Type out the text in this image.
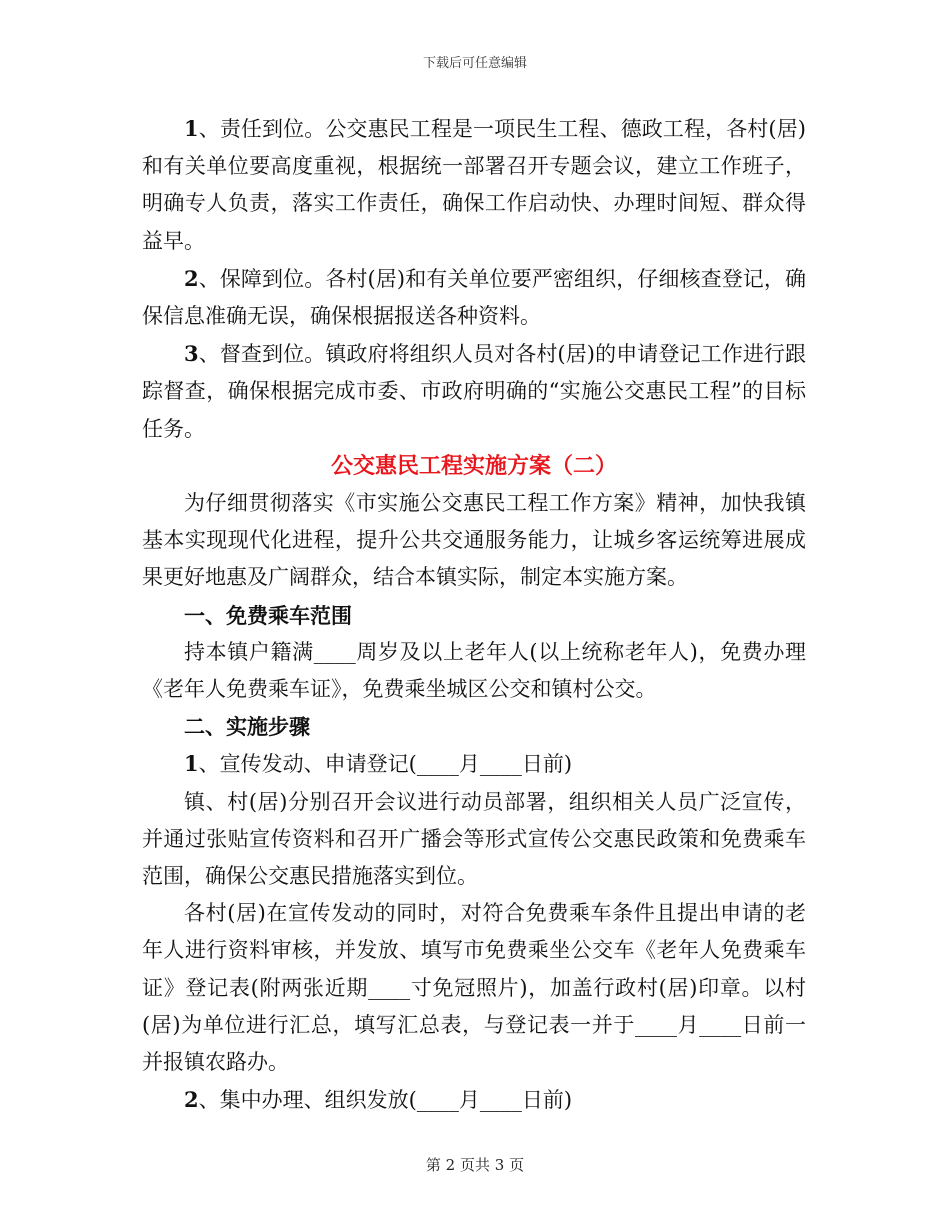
下载后可任意编辑

1、责任到位。公交惠民工程是一项民生工程、德政工程，各村(居)和有关单位要高度重视，根据统一部署召开专题会议，建立工作班子，明确专人负责，落实工作责任，确保工作启动快、办理时间短、群众得益早。

2、保障到位。各村(居)和有关单位要严密组织，仔细核查登记，确保信息准确无误，确保根据报送各种资料。

3、督查到位。镇政府将组织人员对各村(居)的申请登记工作进行跟踪督查，确保根据完成市委、市政府明确的“实施公交惠民工程”的目标任务。

公交惠民工程实施方案（二）

为仔细贯彻落实《市实施公交惠民工程工作方案》精神，加快我镇基本实现现代化进程，提升公共交通服务能力，让城乡客运统筹进展成果更好地惠及广阔群众，结合本镇实际，制定本实施方案。

一、免费乘车范围

持本镇户籍满____周岁及以上老年人(以上统称老年人)，免费办理《老年人免费乘车证》，免费乘坐城区公交和镇村公交。

二、实施步骤

1、宣传发动、申请登记(____月____日前)

镇、村(居)分别召开会议进行动员部署，组织相关人员广泛宣传，并通过张贴宣传资料和召开广播会等形式宣传公交惠民政策和免费乘车范围，确保公交惠民措施落实到位。

各村(居)在宣传发动的同时，对符合免费乘车条件且提出申请的老年人进行资料审核，并发放、填写市免费乘坐公交车《老年人免费乘车证》登记表(附两张近期____寸免冠照片)，加盖行政村(居)印章。以村(居)为单位进行汇总，填写汇总表，与登记表一并于____月____日前一并报镇农路办。

2、集中办理、组织发放(____月____日前)

第 2 页共 3 页
